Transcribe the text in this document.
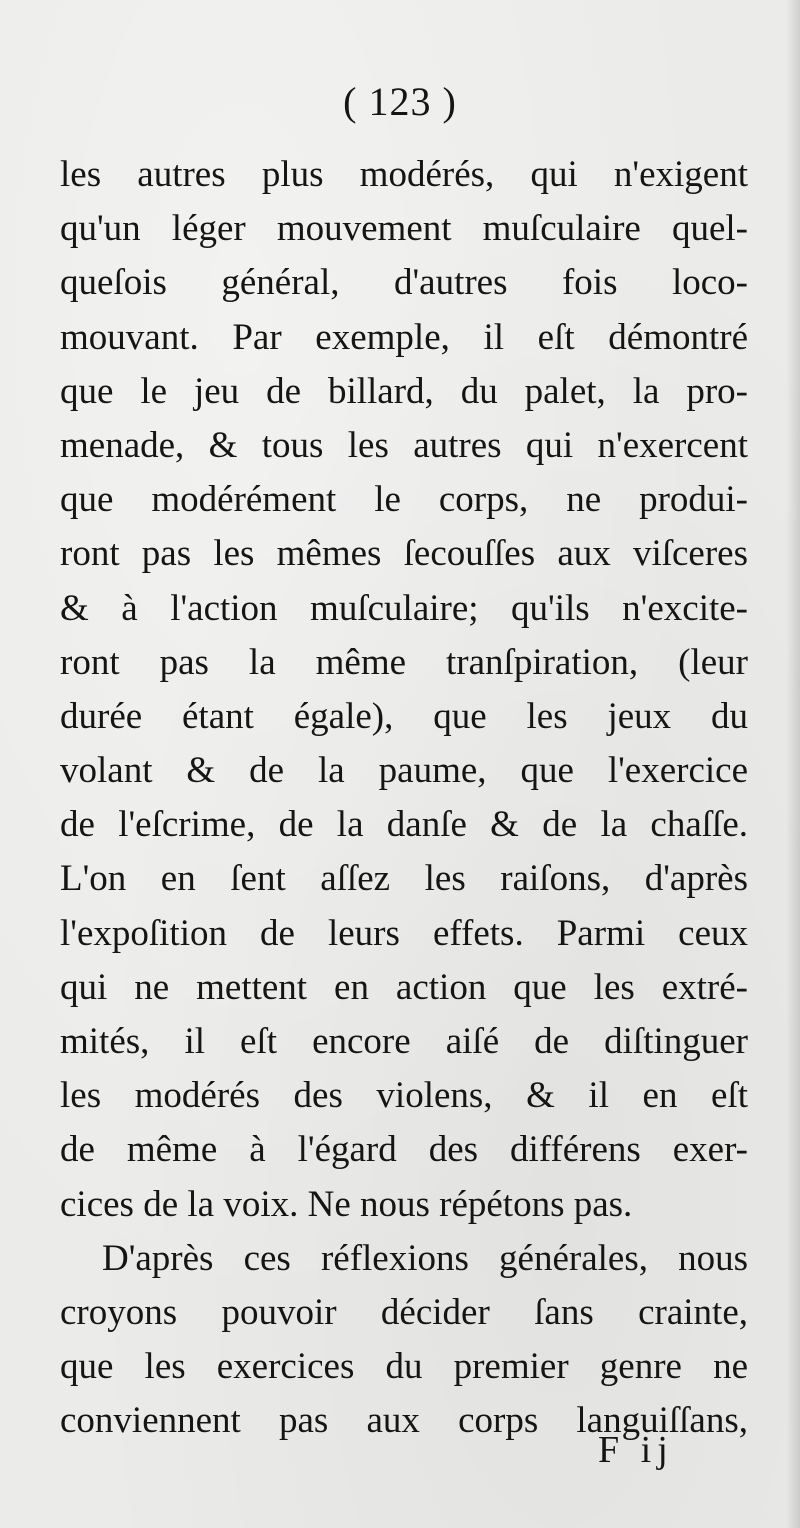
( 123 )
les autres plus modérés, qui n'exigent
qu'un léger mouvement muſculaire quel-
queſois général, d'autres fois loco-
mouvant. Par exemple, il eſt démontré
que le jeu de billard, du palet, la pro-
menade, & tous les autres qui n'exercent
que modérément le corps, ne produi-
ront pas les mêmes ſecouſſes aux viſceres
& à l'action muſculaire; qu'ils n'excite-
ront pas la même tranſpiration, (leur
durée étant égale), que les jeux du
volant & de la paume, que l'exercice
de l'eſcrime, de la danſe & de la chaſſe.
L'on en ſent aſſez les raiſons, d'après
l'expoſition de leurs effets. Parmi ceux
qui ne mettent en action que les extré-
mités, il eſt encore aiſé de diſtinguer
les modérés des violens, & il en eſt
de même à l'égard des différens exer-
cices de la voix. Ne nous répétons pas.
D'après ces réflexions générales, nous
croyons pouvoir décider ſans crainte,
que les exercices du premier genre ne
conviennent pas aux corps languiſſans,
F ij
